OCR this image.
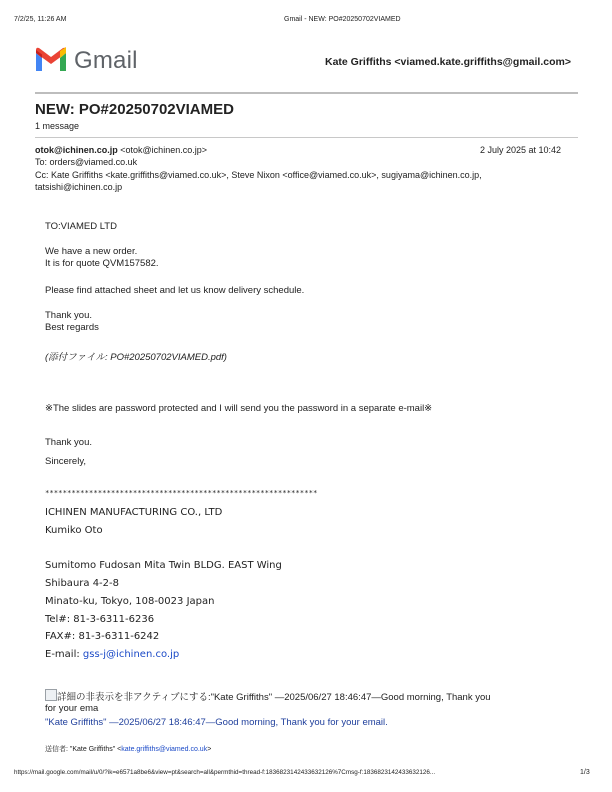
7/2/25, 11:26 AM	Gmail - NEW: PO#20250702VIAMED
Gmail	Kate Griffiths <viamed.kate.griffiths@gmail.com>
NEW: PO#20250702VIAMED
1 message
otok@ichinen.co.jp <otok@ichinen.co.jp>	2 July 2025 at 10:42
To: orders@viamed.co.uk
Cc: Kate Griffiths <kate.griffiths@viamed.co.uk>, Steve Nixon <office@viamed.co.uk>, sugiyama@ichinen.co.jp,
tatsishi@ichinen.co.jp
TO:VIAMED LTD
We have a new order.
It is for quote QVM157582.
Please find attached sheet and let us know delivery schedule.
Thank you.
Best regards
(添付ファイル: PO#20250702VIAMED.pdf)
※The slides are password protected and I will send you the password in a separate e-mail※
Thank you.
Sincerely,
**************************************************************
ICHINEN MANUFACTURING CO., LTD
Kumiko Oto
Sumitomo Fudosan Mita Twin BLDG. EAST Wing
Shibaura 4-2-8
Minato-ku, Tokyo, 108-0023 Japan
Tel#: 81-3-6311-6236
FAX#: 81-3-6311-6242
E-mail: gss-j@ichinen.co.jp
詳細の非表示を非アクティブにする:"Kate Griffiths" —2025/06/27 18:46:47—Good morning, Thank you
for your ema
"Kate Griffiths" —2025/06/27 18:46:47—Good morning, Thank you for your email.
送信者: "Kate Griffiths" <kate.griffiths@viamed.co.uk>
https://mail.google.com/mail/u/0/?ik=e6571a8be6&view=pt&search=all&permthid=thread-f:1836823142433632126%7Cmsg-f:1836823142433632126...	1/3
